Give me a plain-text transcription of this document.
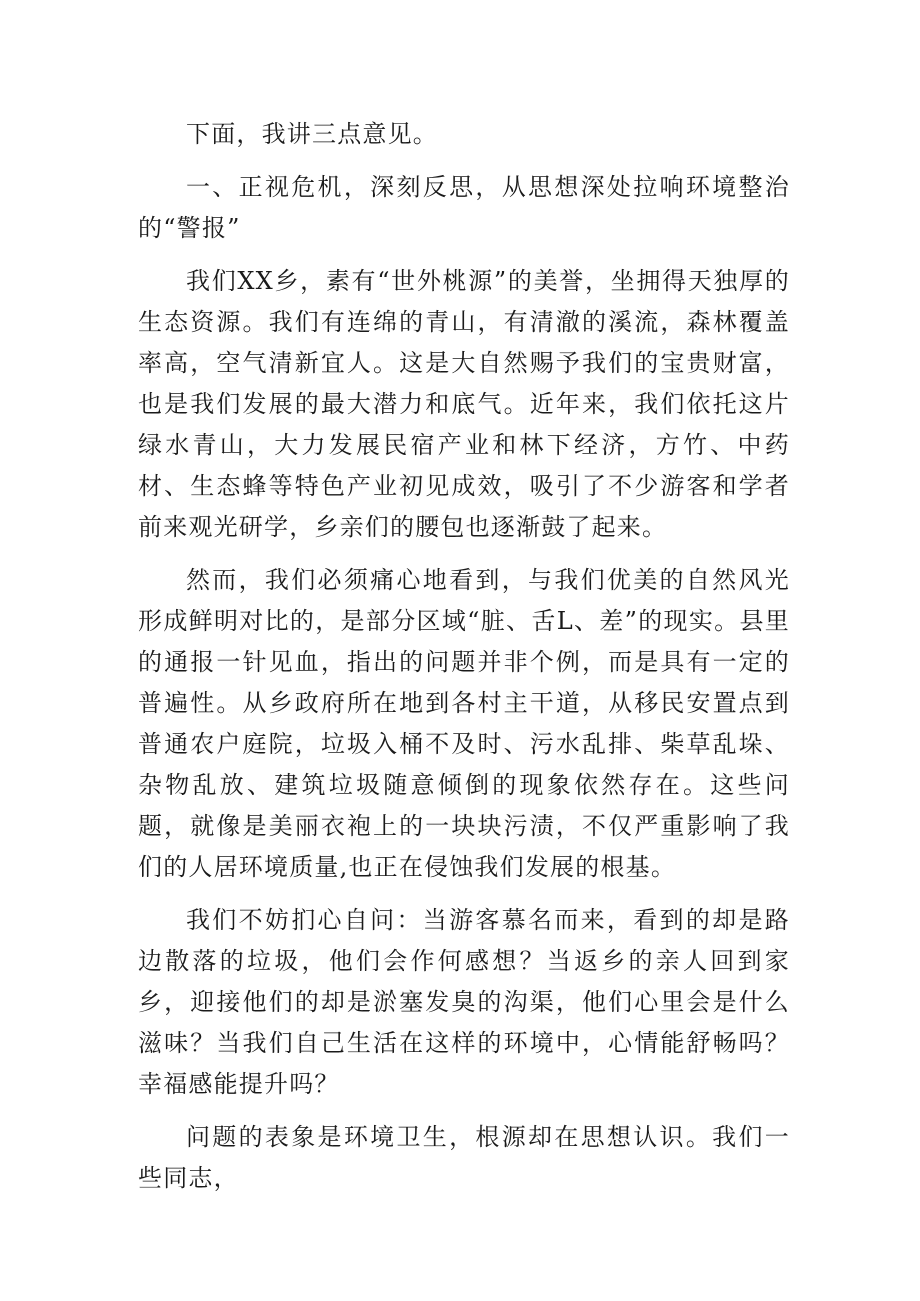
下面，我讲三点意见。

一、正视危机，深刻反思，从思想深处拉响环境整治的“警报”

我们XX乡，素有“世外桃源”的美誉，坐拥得天独厚的生态资源。我们有连绵的青山，有清澈的溪流，森林覆盖率高，空气清新宜人。这是大自然赐予我们的宝贵财富，也是我们发展的最大潜力和底气。近年来，我们依托这片绿水青山，大力发展民宿产业和林下经济，方竹、中药材、生态蜂等特色产业初见成效，吸引了不少游客和学者前来观光研学，乡亲们的腰包也逐渐鼓了起来。

然而，我们必须痛心地看到，与我们优美的自然风光形成鲜明对比的，是部分区域“脏、舌L、差”的现实。县里的通报一针见血，指出的问题并非个例，而是具有一定的普遍性。从乡政府所在地到各村主干道，从移民安置点到普通农户庭院，垃圾入桶不及时、污水乱排、柴草乱垛、杂物乱放、建筑垃圾随意倾倒的现象依然存在。这些问题，就像是美丽衣袍上的一块块污渍，不仅严重影响了我们的人居环境质量,也正在侵蚀我们发展的根基。

我们不妨扪心自问：当游客慕名而来，看到的却是路边散落的垃圾，他们会作何感想？当返乡的亲人回到家乡，迎接他们的却是淤塞发臭的沟渠，他们心里会是什么滋味？当我们自己生活在这样的环境中，心情能舒畅吗？幸福感能提升吗？

问题的表象是环境卫生，根源却在思想认识。我们一些同志，
